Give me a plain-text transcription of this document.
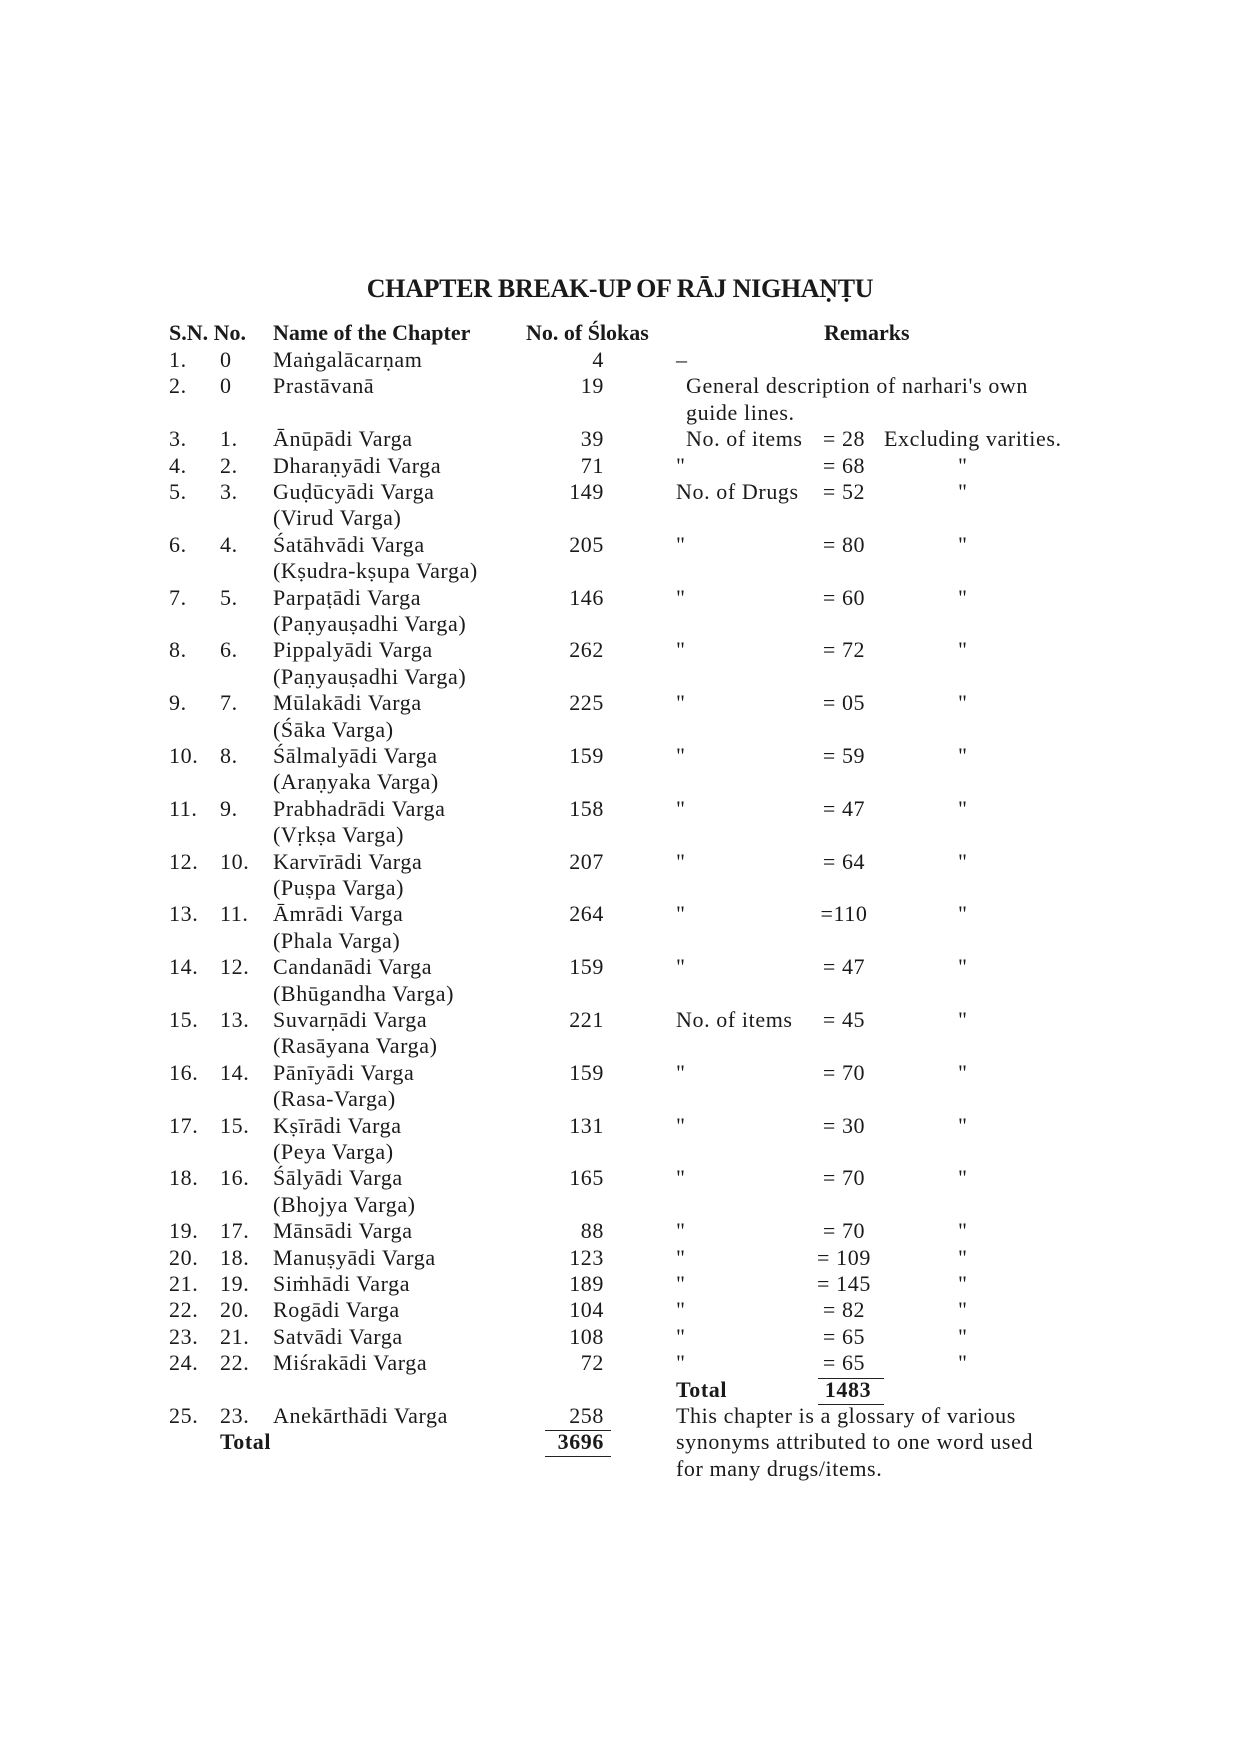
CHAPTER BREAK-UP OF RĀJ NIGHAṆṬU
S.N. No. Name of the Chapter	No. of Ślokas	Remarks
1. 0 Maṅgalācarṇam	4	–
2. 0 Prastāvanā	19	General description of narhari's own
guide lines.
3. 1. Ānūpādi Varga	39	No. of items = 28 Excluding varities.
4. 2. Dharaṇyādi Varga	71	"	= 68	"
5. 3. Guḍūcyādi Varga	149	No. of Drugs	= 52	"
(Virud Varga)
6. 4. Śatāhvādi Varga	205	"	= 80	"
(Kṣudra-kṣupa Varga)
7. 5. Parpaṭādi Varga	146	"	= 60	"
(Paṇyauṣadhi Varga)
8. 6. Pippalyādi Varga	262	"	= 72	"
(Paṇyauṣadhi Varga)
9. 7. Mūlakādi Varga	225	"	= 05	"
(Śāka Varga)
10. 8. Śālmalyādi Varga	159	"	= 59	"
(Araṇyaka Varga)
11. 9. Prabhadrādi Varga	158	"	= 47	"
(Vṛkṣa Varga)
12. 10. Karvīrādi Varga	207	"	= 64	"
(Puṣpa Varga)
13. 11. Āmrādi Varga	264	"	=110	"
(Phala Varga)
14. 12. Candanādi Varga	159	"	= 47	"
(Bhūgandha Varga)
15. 13. Suvarṇādi Varga	221	No. of items	= 45	"
(Rasāyana Varga)
16. 14. Pānīyādi Varga	159	"	= 70	"
(Rasa-Varga)
17. 15. Kṣīrādi Varga	131	"	= 30	"
(Peya Varga)
18. 16. Śālyādi Varga	165	"	= 70	"
(Bhojya Varga)
19. 17. Mānsādi Varga	88	"	= 70	"
20. 18. Manuṣyādi Varga	123	"	= 109	"
21. 19. Siṁhādi Varga	189	"	= 145	"
22. 20. Rogādi Varga	104	"	= 82	"
23. 21. Satvādi Varga	108	"	= 65	"
24. 22. Miśrakādi Varga	72	"	= 65	"
Total	1483
25. 23. Anekārthādi Varga	258
Total	3696
This chapter is a glossary of various
synonyms attributed to one word used
for many drugs/items.
